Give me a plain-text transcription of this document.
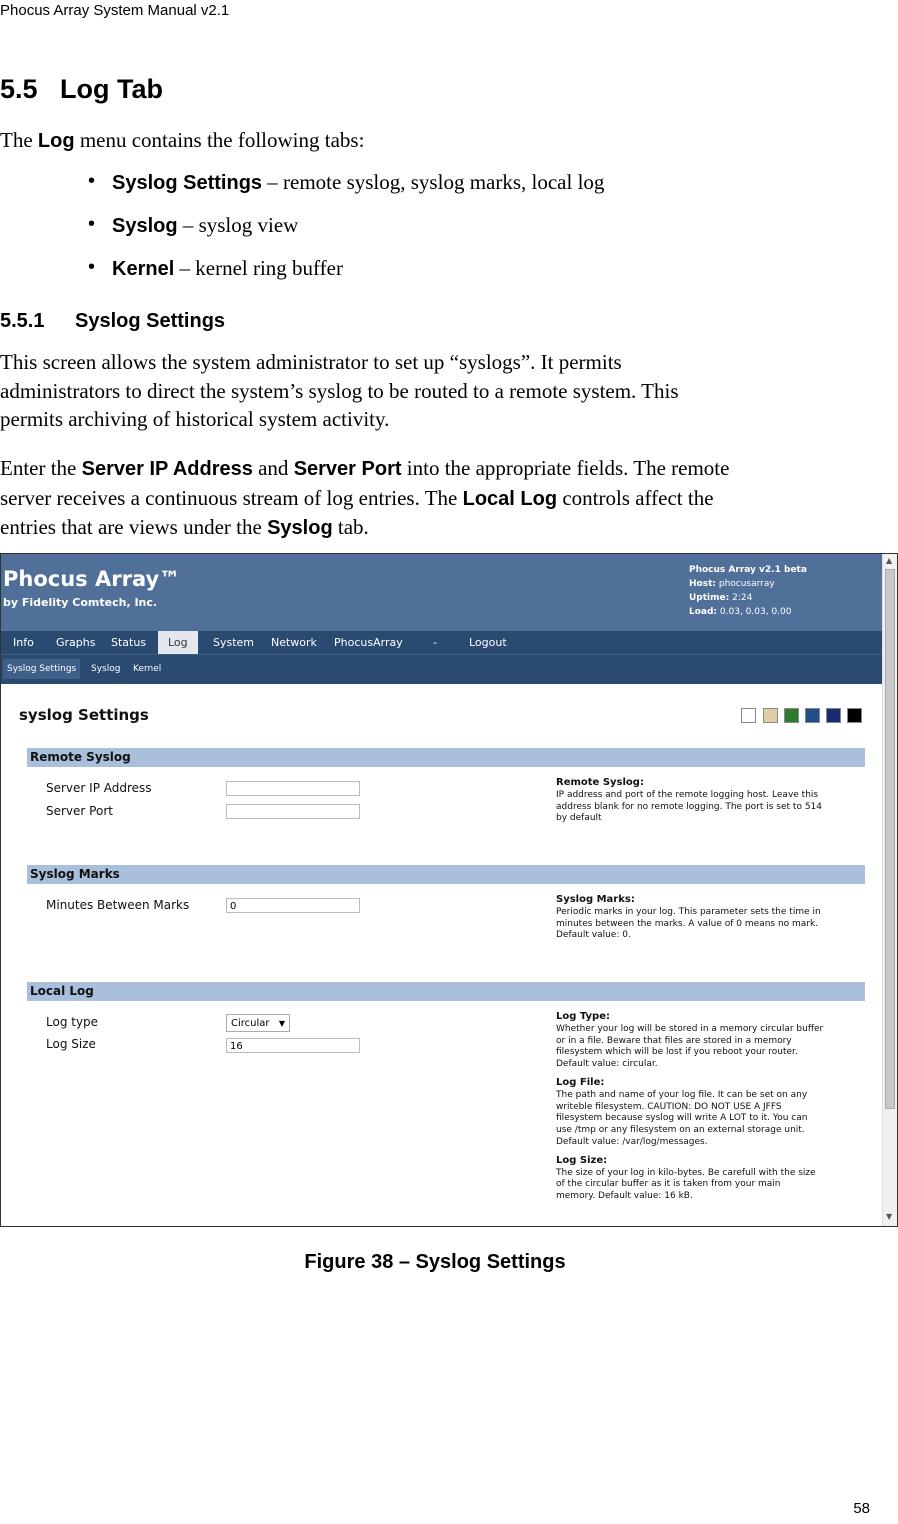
Phocus Array System Manual v2.1
5.5 Log Tab
The Log menu contains the following tabs:
• Syslog Settings – remote syslog, syslog marks, local log
• Syslog – syslog view
• Kernel – kernel ring buffer
5.5.1 Syslog Settings
This screen allows the system administrator to set up “syslogs”. It permits
administrators to direct the system’s syslog to be routed to a remote system. This
permits archiving of historical system activity.
Enter the Server IP Address and Server Port into the appropriate fields. The remote
server receives a continuous stream of log entries. The Local Log controls affect the
entries that are views under the Syslog tab.
Phocus Array™
by Fidelity Comtech, Inc.
Phocus Array v2.1 beta
Host: phocusarray
Uptime: 2:24
Load: 0.03, 0.03, 0.00
Info	Graphs	Status	Log	System	Network	PhocusArray	-	Logout
Syslog Settings	Syslog	Kernel
syslog Settings
Remote Syslog
Server IP Address
Server Port
Remote Syslog:
IP address and port of the remote logging host. Leave this
address blank for no remote logging. The port is set to 514
by default
Syslog Marks
Minutes Between Marks	0
Syslog Marks:
Periodic marks in your log. This parameter sets the time in
minutes between the marks. A value of 0 means no mark.
Default value: 0.
Local Log
Log type	Circular ▼
Log Size	16
Log Type:
Whether your log will be stored in a memory circular buffer
or in a file. Beware that files are stored in a memory
filesystem which will be lost if you reboot your router.
Default value: circular.
Log File:
The path and name of your log file. It can be set on any
writeble filesystem. CAUTION: DO NOT USE A JFFS
filesystem because syslog will write A LOT to it. You can
use /tmp or any filesystem on an external storage unit.
Default value: /var/log/messages.
Log Size:
The size of your log in kilo-bytes. Be carefull with the size
of the circular buffer as it is taken from your main
memory. Default value: 16 kB.
▲
▼
Figure 38 – Syslog Settings
58
